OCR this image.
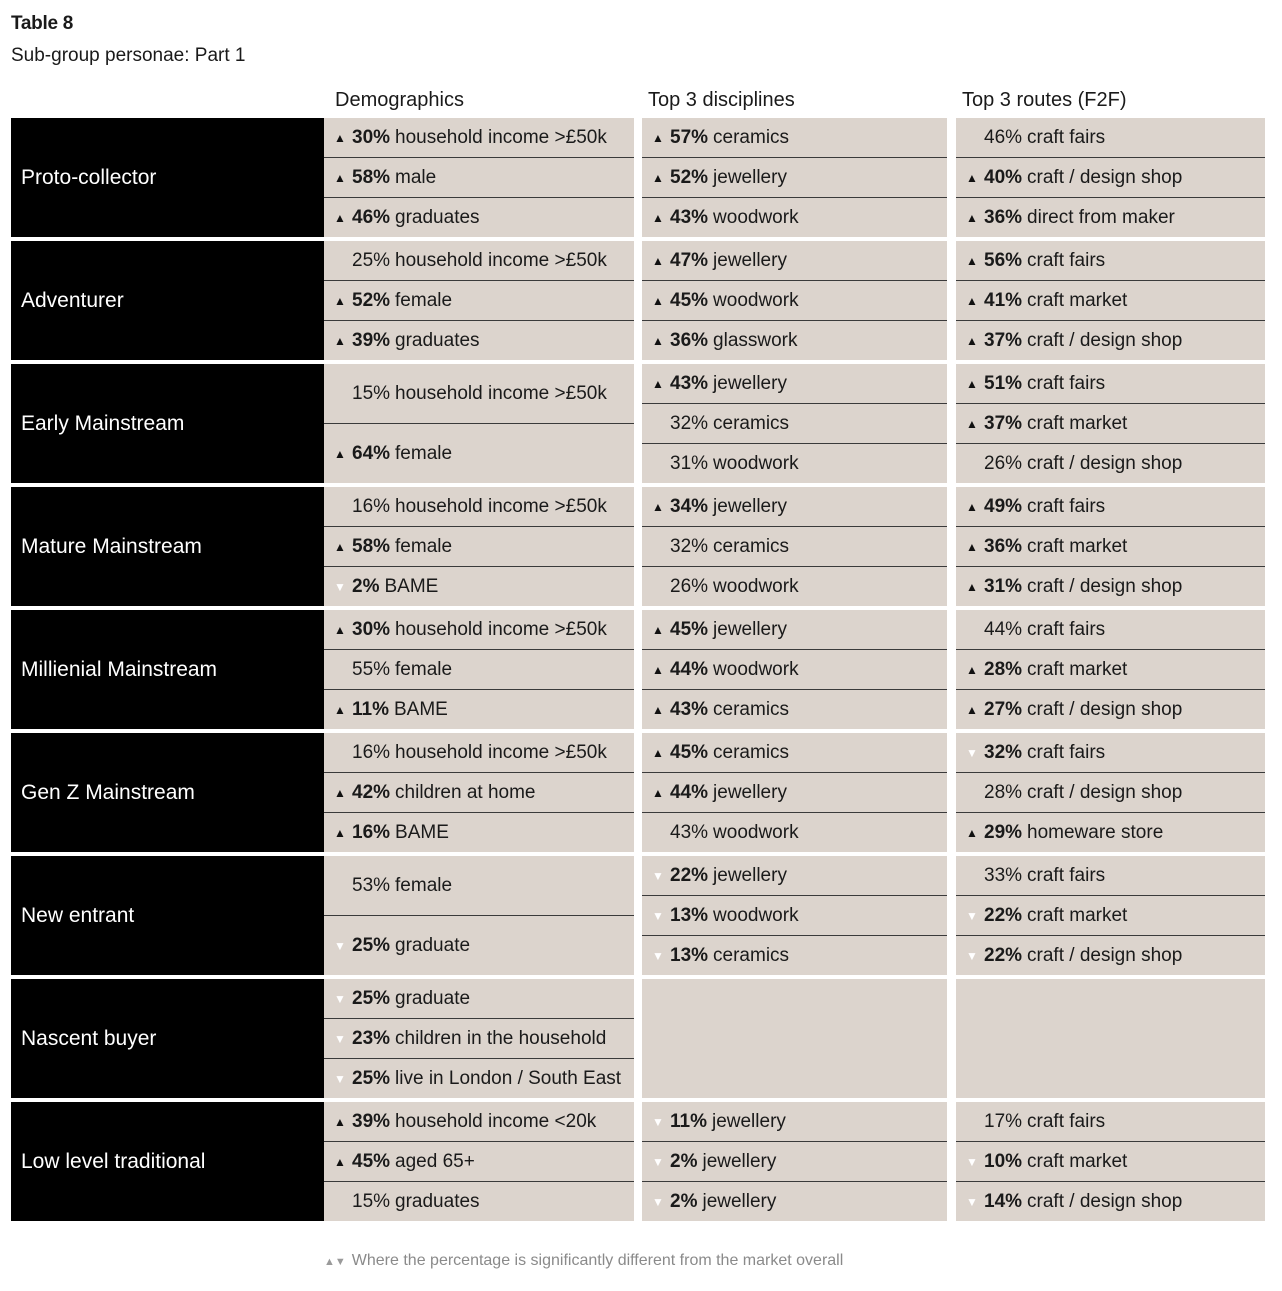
Table 8
Sub-group personae: Part 1
Demographics	Top 3 disciplines	Top 3 routes (F2F)
Proto-collector
▲ 30% household income >£50k
▲ 58% male
▲ 46% graduates
▲ 57% ceramics
▲ 52% jewellery
▲ 43% woodwork
46% craft fairs
▲ 40% craft / design shop
▲ 36% direct from maker
Adventurer
25% household income >£50k
▲ 52% female
▲ 39% graduates
▲ 47% jewellery
▲ 45% woodwork
▲ 36% glasswork
▲ 56% craft fairs
▲ 41% craft market
▲ 37% craft / design shop
Early Mainstream
15% household income >£50k
▲ 64% female
▲ 43% jewellery
32% ceramics
31% woodwork
▲ 51% craft fairs
▲ 37% craft market
26% craft / design shop
Mature Mainstream
16% household income >£50k
▲ 58% female
▼ 2% BAME
▲ 34% jewellery
32% ceramics
26% woodwork
▲ 49% craft fairs
▲ 36% craft market
▲ 31% craft / design shop
Millienial Mainstream
▲ 30% household income >£50k
55% female
▲ 11% BAME
▲ 45% jewellery
▲ 44% woodwork
▲ 43% ceramics
44% craft fairs
▲ 28% craft market
▲ 27% craft / design shop
Gen Z Mainstream
16% household income >£50k
▲ 42% children at home
▲ 16% BAME
▲ 45% ceramics
▲ 44% jewellery
43% woodwork
▼ 32% craft fairs
28% craft / design shop
▲ 29% homeware store
New entrant
53% female
▼ 25% graduate
▼ 22% jewellery
▼ 13% woodwork
▼ 13% ceramics
33% craft fairs
▼ 22% craft market
▼ 22% craft / design shop
Nascent buyer
▼ 25% graduate
▼ 23% children in the household
▼ 25% live in London / South East
Low level traditional
▲ 39% household income <20k
▲ 45% aged 65+
15% graduates
▼ 11% jewellery
▼ 2% jewellery
▼ 2% jewellery
17% craft fairs
▼ 10% craft market
▼ 14% craft / design shop
▲▼ Where the percentage is significantly different from the market overall
